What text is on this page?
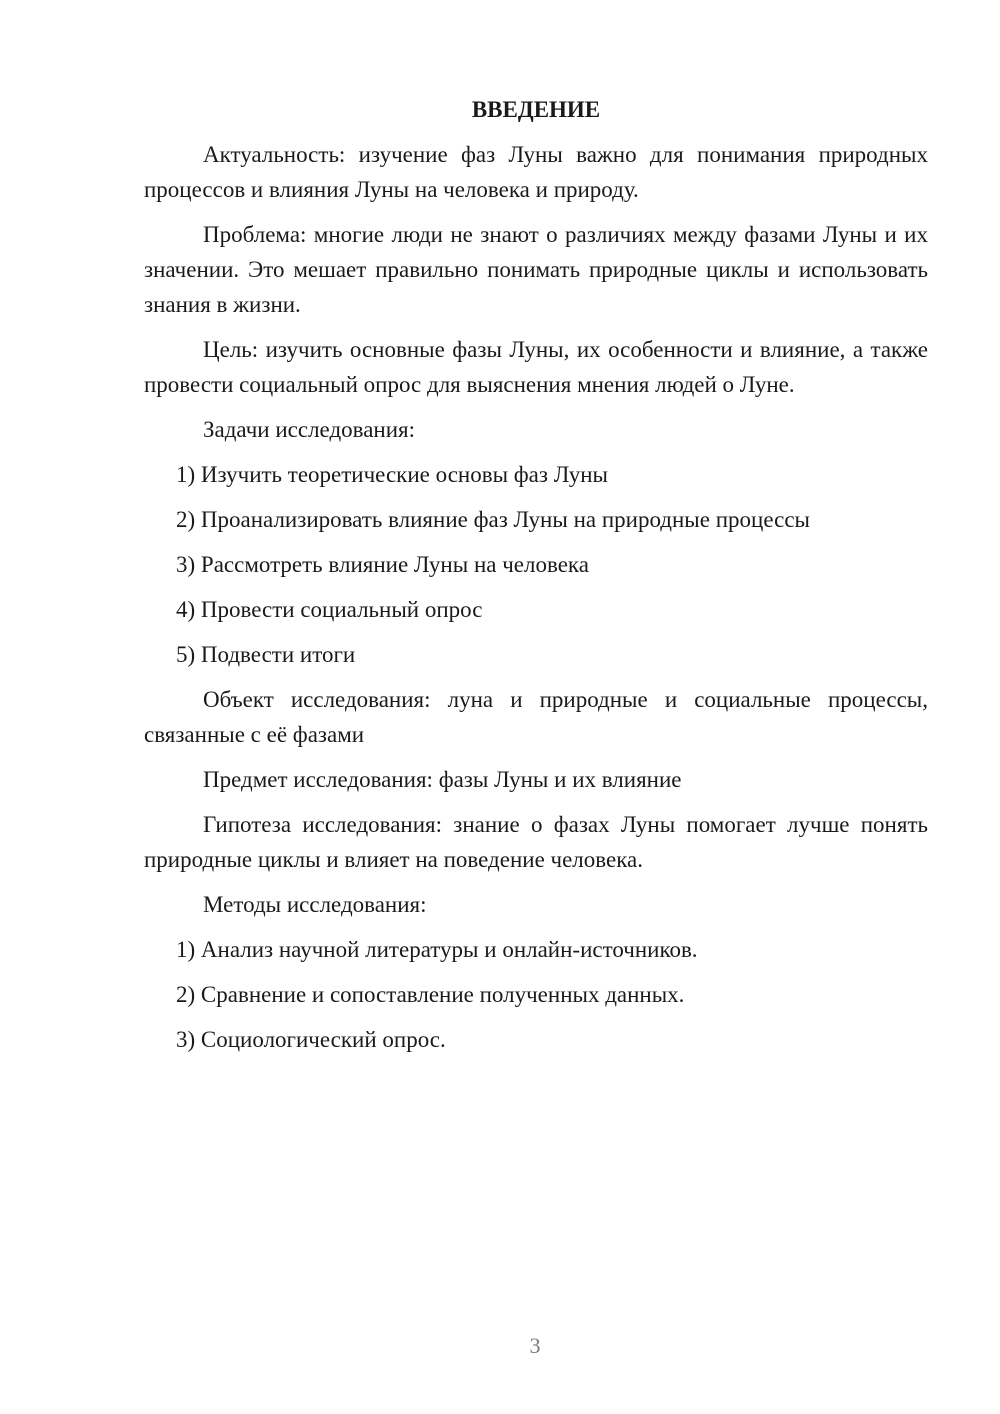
ВВЕДЕНИЕ

Актуальность: изучение фаз Луны важно для понимания природных процессов и влияния Луны на человека и природу.

Проблема: многие люди не знают о различиях между фазами Луны и их значении. Это мешает правильно понимать природные циклы и использовать знания в жизни.

Цель: изучить основные фазы Луны, их особенности и влияние, а также провести социальный опрос для выяснения мнения людей о Луне.

Задачи исследования:

1) Изучить теоретические основы фаз Луны
2) Проанализировать влияние фаз Луны на природные процессы
3) Рассмотреть влияние Луны на человека
4) Провести социальный опрос
5) Подвести итоги

Объект исследования: луна и природные и социальные процессы, связанные с её фазами

Предмет исследования: фазы Луны и их влияние

Гипотеза исследования: знание о фазах Луны помогает лучше понять природные циклы и влияет на поведение человека.

Методы исследования:

1) Анализ научной литературы и онлайн-источников.
2) Сравнение и сопоставление полученных данных.
3) Социологический опрос.
3
